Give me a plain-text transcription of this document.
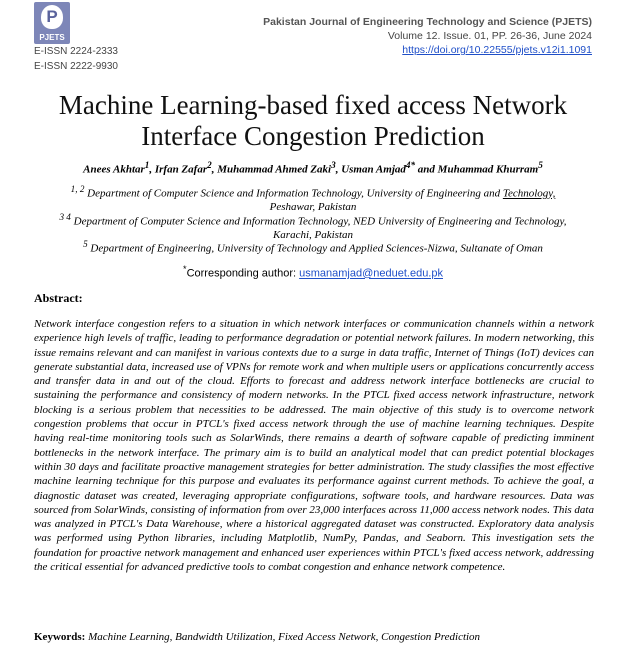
P
PJETS
E-ISSN 2224-2333
E-ISSN 2222-9930
Pakistan Journal of Engineering Technology and Science (PJETS)
Volume 12. Issue. 01, PP. 26-36, June 2024
https://doi.org/10.22555/pjets.v12i1.1091
Machine Learning-based fixed access Network Interface Congestion Prediction
Anees Akhtar$^1$, Irfan Zafar$^2$, Muhammad Ahmed Zaki$^3$, Usman Amjad$^{4*}$ and Muhammad Khurram$^5$
$^{1, 2}$ Department of Computer Science and Information Technology, University of Engineering and Technology,
Peshawar, Pakistan
$^{3 4}$ Department of Computer Science and Information Technology, NED University of Engineering and Technology,
Karachi, Pakistan
$^5$ Department of Engineering, University of Technology and Applied Sciences-Nizwa, Sultanate of Oman
*Corresponding author: usmanamjad@neduet.edu.pk
Abstract:
Network interface congestion refers to a situation in which network interfaces or communication channels within a network experience high levels of traffic, leading to performance degradation or potential network failures. In modern networking, this issue remains relevant and can manifest in various contexts due to a surge in data traffic, Internet of Things (IoT) devices can generate substantial data, increased use of VPNs for remote work and when multiple users or applications concurrently access and transfer data in and out of the cloud. Efforts to forecast and address network interface bottlenecks are crucial to sustaining the performance and consistency of modern networks. In the PTCL fixed access network infrastructure, network blocking is a serious problem that necessities to be addressed. The main objective of this study is to overcome network congestion problems that occur in PTCL's fixed access network through the use of machine learning techniques. Despite having real-time monitoring tools such as SolarWinds, there remains a dearth of software capable of predicting imminent bottlenecks in the network interface. The primary aim is to build an analytical model that can predict potential blockages within 30 days and facilitate proactive management strategies for better administration. The study classifies the most effective machine learning technique for this purpose and evaluates its performance against current methods. To achieve the goal, a diagnostic dataset was created, leveraging appropriate configurations, software tools, and hardware resources. Data was sourced from SolarWinds, consisting of information from over 23,000 interfaces across 11,000 access network nodes. This data was analyzed in PTCL's Data Warehouse, where a historical aggregated dataset was constructed. Exploratory data analysis was performed using Python libraries, including Matplotlib, NumPy, Pandas, and Seaborn. This investigation sets the foundation for proactive network management and enhanced user experiences within PTCL's fixed access network, addressing the critical essential for advanced predictive tools to combat congestion and enhance network competence.
Keywords: Machine Learning, Bandwidth Utilization, Fixed Access Network, Congestion Prediction
